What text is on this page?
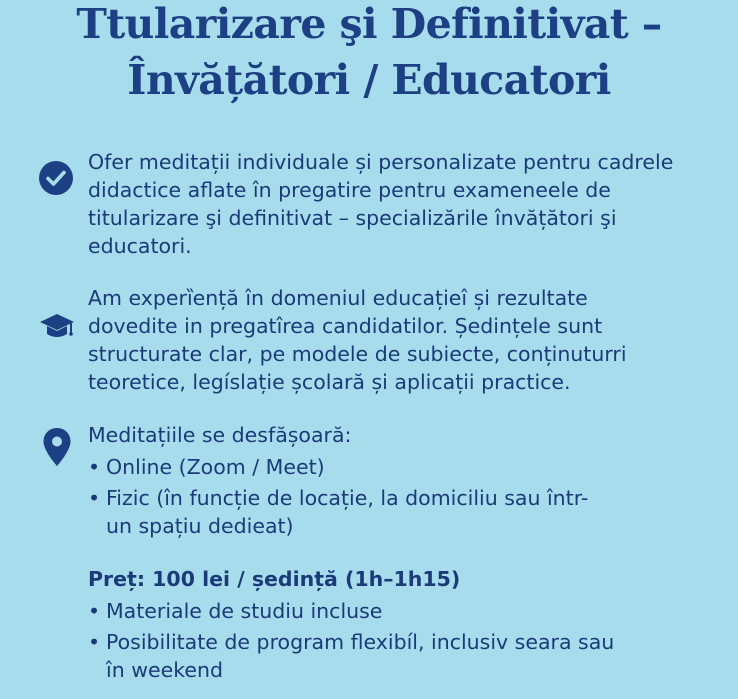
Ttularizare şi Definitivat –
Învățători / Educatori

Ofer meditații individuale și personalizate pentru cadrele didactice aflate în pregatire pentru exameneele de titularizare şi definitivat – specializările învățători şi educatori.

Am experȉență în domeniul educațieî și rezultate dovedite in pregatîrea candidatilor. Ședințele sunt structurate clar, pe modele de subiecte, conținuturri teoretice, legíslație școlară și aplicații practice.

Meditațiile se desfășoară:

• Online (Zoom / Meet)
• Fizic (în funcție de locație, la domiciliu sau într-un spațiu dedieat)

Preț: 100 lei / ședință (1h–1h15)

• Materiale de studiu incluse
• Posibilitate de program flexibíl, inclusiv seara sau în weekend
